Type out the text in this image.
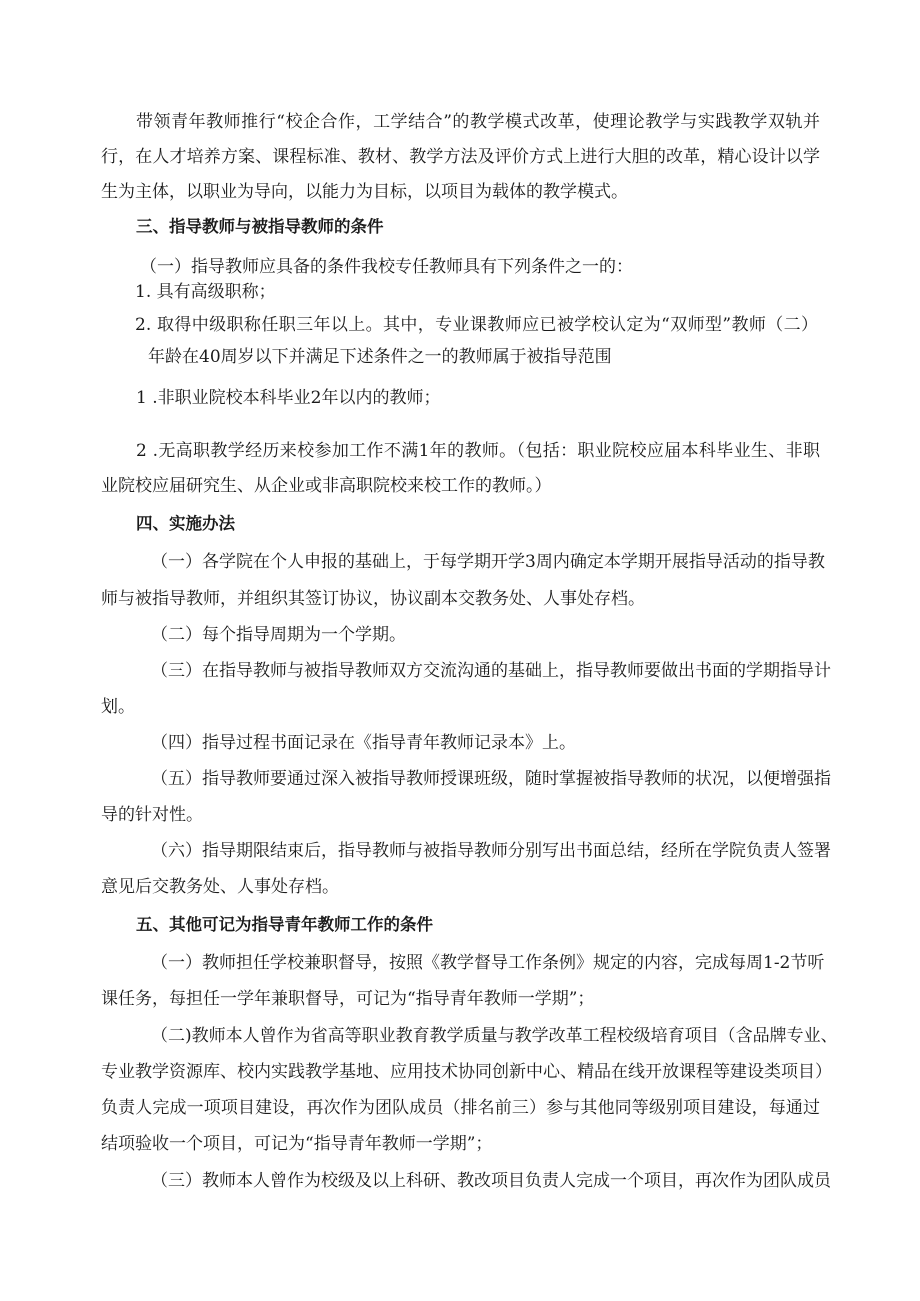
带领青年教师推行“校企合作，工学结合”的教学模式改革，使理论教学与实践教学双轨并
行，在人才培养方案、课程标准、教材、教学方法及评价方式上进行大胆的改革，精心设计以学
生为主体，以职业为导向，以能力为目标，以项目为载体的教学模式。
三、指导教师与被指导教师的条件
（一）指导教师应具备的条件我校专任教师具有下列条件之一的：
1. 具有高级职称；
2. 取得中级职称任职三年以上。其中，专业课教师应已被学校认定为“双师型”教师（二）
年龄在40周岁以下并满足下述条件之一的教师属于被指导范围
1 .非职业院校本科毕业2年以内的教师；
2 .无高职教学经历来校参加工作不满1年的教师。（包括：职业院校应届本科毕业生、非职
业院校应届研究生、从企业或非高职院校来校工作的教师。）
四、实施办法
（一）各学院在个人申报的基础上，于每学期开学3周内确定本学期开展指导活动的指导教
师与被指导教师，并组织其签订协议，协议副本交教务处、人事处存档。
（二）每个指导周期为一个学期。
（三）在指导教师与被指导教师双方交流沟通的基础上，指导教师要做出书面的学期指导计
划。
（四）指导过程书面记录在《指导青年教师记录本》上。
（五）指导教师要通过深入被指导教师授课班级，随时掌握被指导教师的状况，以便增强指
导的针对性。
（六）指导期限结束后，指导教师与被指导教师分别写出书面总结，经所在学院负责人签署
意见后交教务处、人事处存档。
五、其他可记为指导青年教师工作的条件
（一）教师担任学校兼职督导，按照《教学督导工作条例》规定的内容，完成每周1-2节听
课任务，每担任一学年兼职督导，可记为“指导青年教师一学期”；
（二)教师本人曾作为省高等职业教育教学质量与教学改革工程校级培育项目（含品牌专业、
专业教学资源库、校内实践教学基地、应用技术协同创新中心、精品在线开放课程等建设类项目）
负责人完成一项项目建设，再次作为团队成员（排名前三）参与其他同等级别项目建设，每通过
结项验收一个项目，可记为“指导青年教师一学期”；
（三）教师本人曾作为校级及以上科研、教改项目负责人完成一个项目，再次作为团队成员
